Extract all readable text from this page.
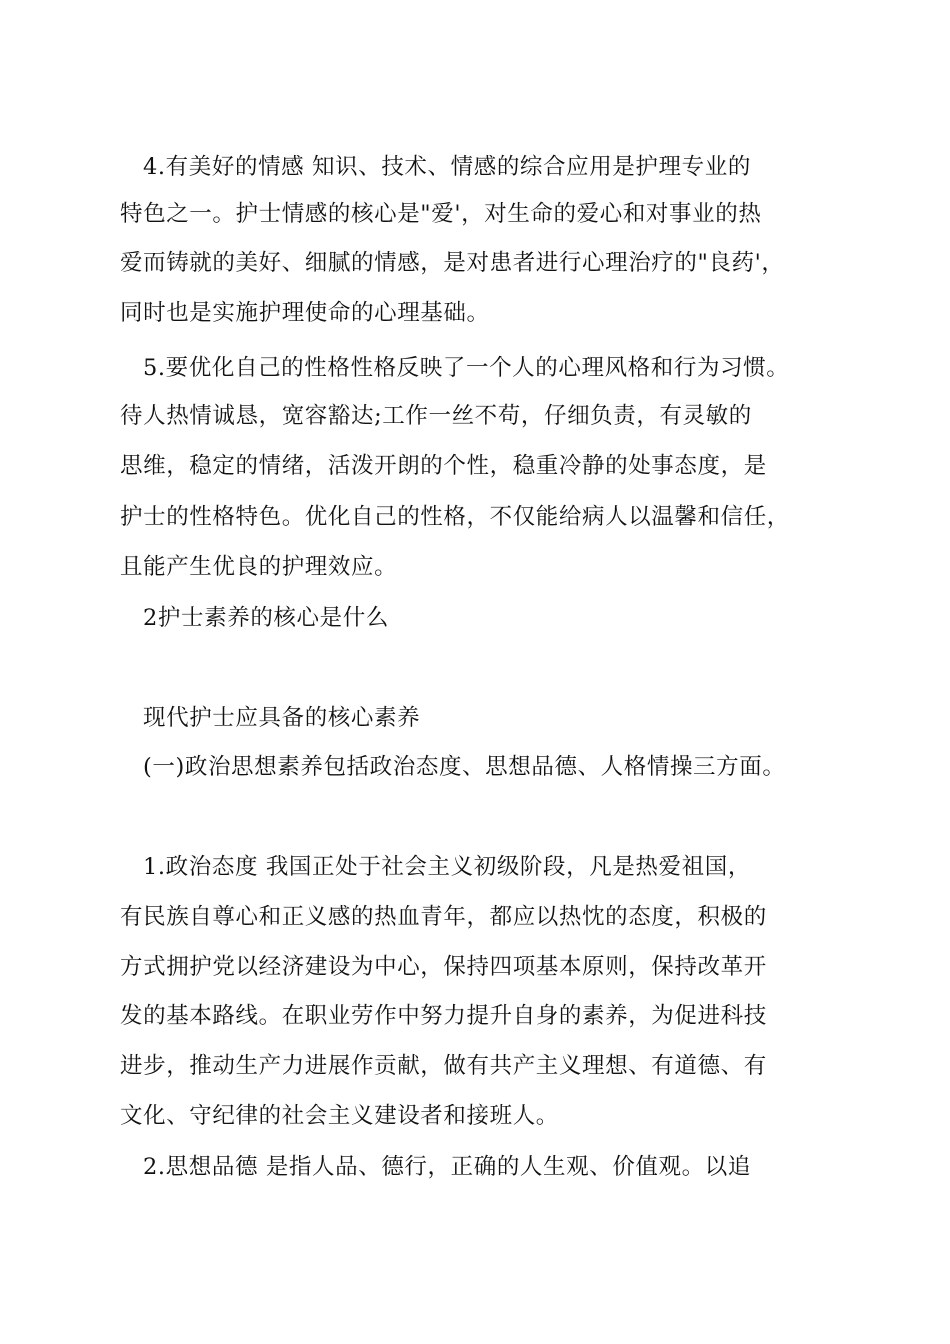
4.有美好的情感 知识、技术、情感的综合应用是护理专业的
特色之一。护士情感的核心是"爱'，对生命的爱心和对事业的热
爱而铸就的美好、细腻的情感，是对患者进行心理治疗的"良药'，
同时也是实施护理使命的心理基础。
5.要优化自己的性格性格反映了一个人的心理风格和行为习惯。
待人热情诚恳，宽容豁达;工作一丝不苟，仔细负责，有灵敏的
思维，稳定的情绪，活泼开朗的个性，稳重冷静的处事态度，是
护士的性格特色。优化自己的性格，不仅能给病人以温馨和信任，
且能产生优良的护理效应。
2护士素养的核心是什么
现代护士应具备的核心素养
(一)政治思想素养包括政治态度、思想品德、人格情操三方面。
1.政治态度 我国正处于社会主义初级阶段，凡是热爱祖国，
有民族自尊心和正义感的热血青年，都应以热忱的态度，积极的
方式拥护党以经济建设为中心，保持四项基本原则，保持改革开
发的基本路线。在职业劳作中努力提升自身的素养，为促进科技
进步，推动生产力进展作贡献，做有共产主义理想、有道德、有
文化、守纪律的社会主义建设者和接班人。
2.思想品德 是指人品、德行，正确的人生观、价值观。以追
